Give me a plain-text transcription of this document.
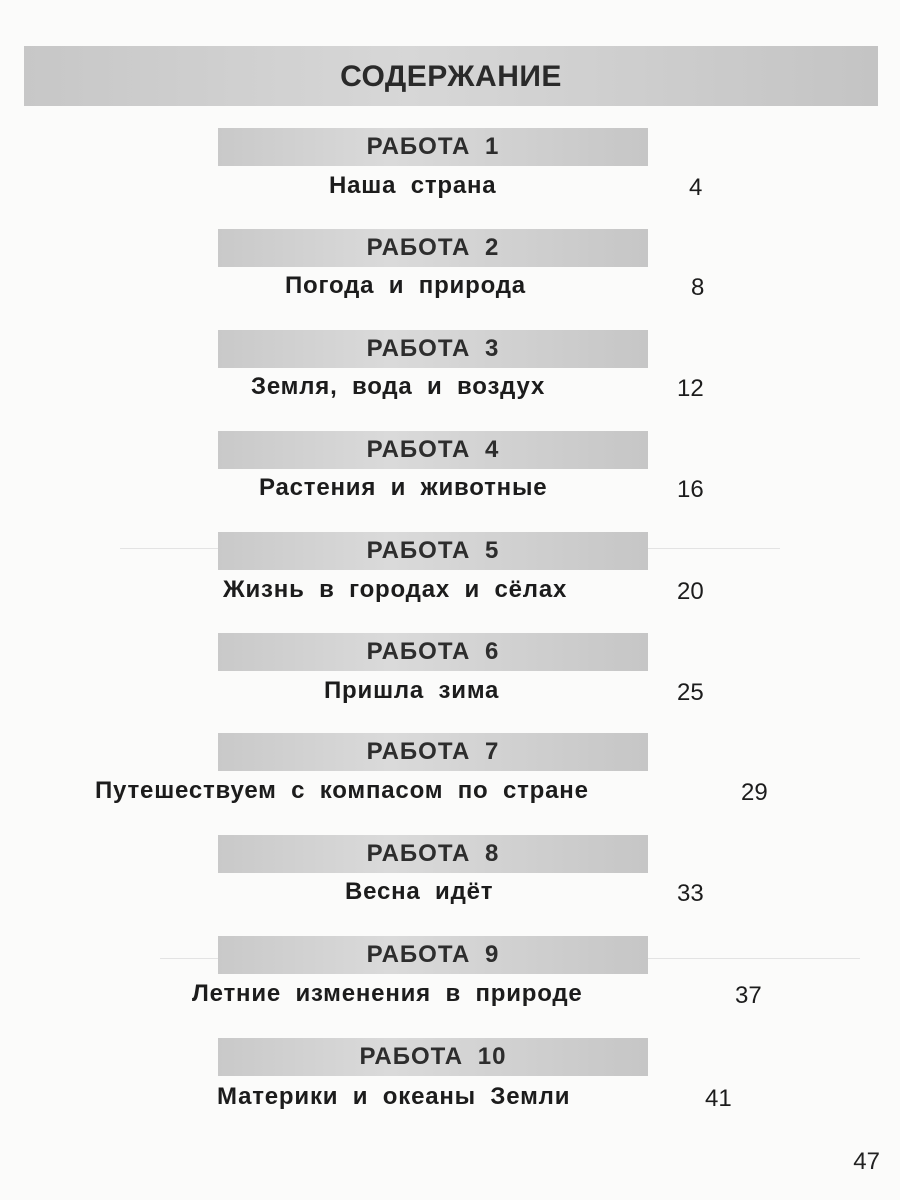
СОДЕРЖАНИЕ
РАБОТА 1
Наша страна	4
РАБОТА 2
Погода и природа	8
РАБОТА 3
Земля, вода и воздух	12
РАБОТА 4
Растения и животные	16
РАБОТА 5
Жизнь в городах и сёлах	20
РАБОТА 6
Пришла зима	25
РАБОТА 7
Путешествуем с компасом по стране	29
РАБОТА 8
Весна идёт	33
РАБОТА 9
Летние изменения в природе	37
РАБОТА 10
Материки и океаны Земли	41
47
